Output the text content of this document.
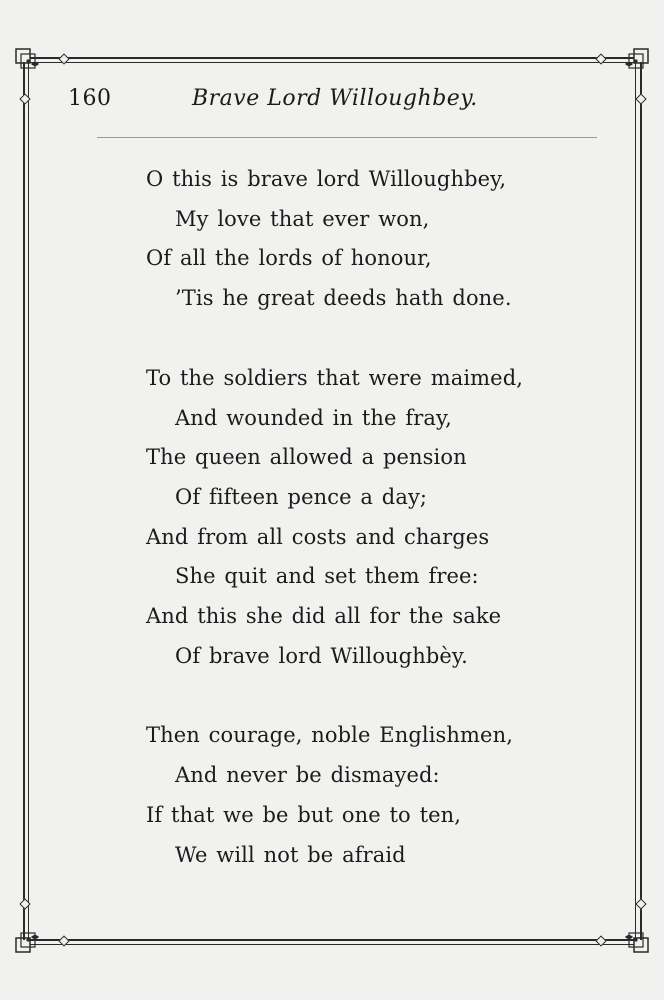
160	Brave Lord Willoughbey.
O this is brave lord Willoughbey,
My love that ever won,
Of all the lords of honour,
’Tis he great deeds hath done.
To the soldiers that were maimed,
And wounded in the fray,
The queen allowed a pension
Of fifteen pence a day;
And from all costs and charges
She quit and set them free:
And this she did all for the sake
Of brave lord Willoughbèy.
Then courage, noble Englishmen,
And never be dismayed:
If that we be but one to ten,
We will not be afraid
